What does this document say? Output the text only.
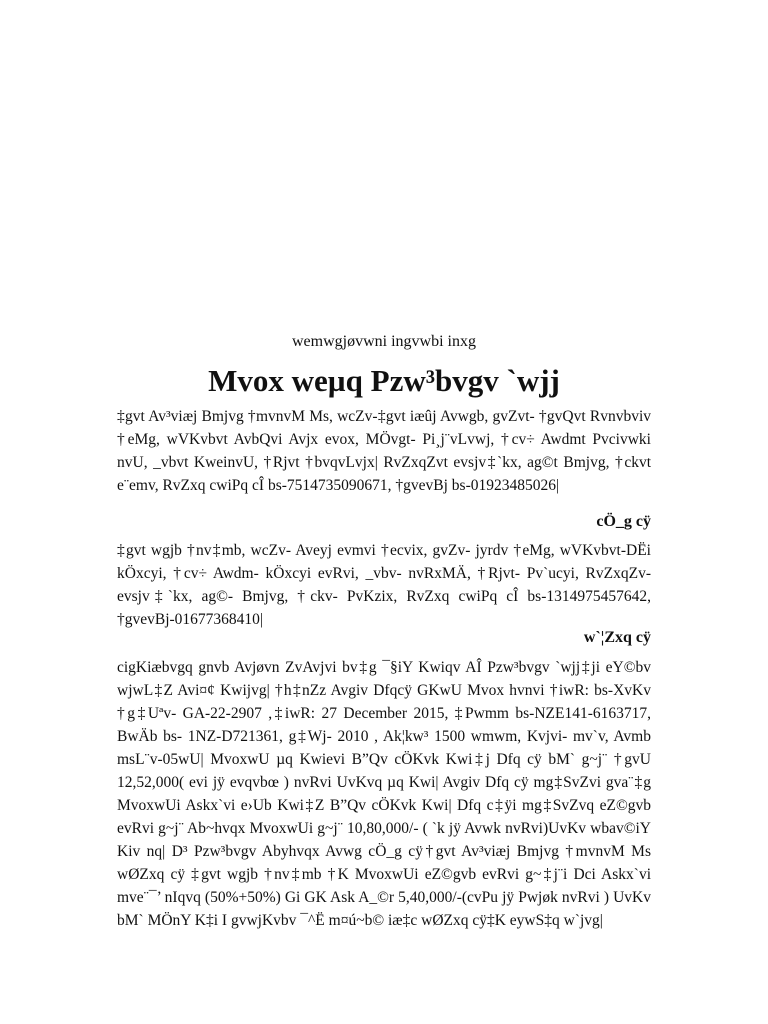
wemwgjøvwni ingvwbi inxg
Mvox weµq Pzw³bvgv `wjj

‡gvt Av³viæj Bmjvg †mvnvM Ms, wcZv-‡gvt iæûj Avwgb, gvZvt- †gvQvt Rvnvbviv †eMg, wVKvbvt AvbQvi Avjx evox, MÖvgt- Pi¸j¨vLvwj, †cv÷ Awdmt Pvcivwki nvU, _vbvt KweinvU, †Rjvt †bvqvLvjx| RvZxqZvt evsjv‡`kx, ag©t Bmjvg, †ckvt e¨emv, RvZxq cwiPq cÎ bs-7514735090671, †gvevBj bs-01923485026|

cÖ_g cÿ

‡gvt wgjb †nv‡mb, wcZv- Aveyj evmvi †ecvix, gvZv- jyrdv †eMg, wVKvbvt-DËi kÖxcyi, †cv÷ Awdm- kÖxcyi evRvi, _vbv- nvRxMÄ, †Rjvt- Pv`ucyi, RvZxqZv-evsjv‡`kx, ag©- Bmjvg, †ckv- PvKzix, RvZxq cwiPq cÎ bs-1314975457642, †gvevBj-01677368410|

w`¦Zxq cÿ

cigKiæbvgq gnvb Avjøvn ZvAvjvi bv‡g ¯§iY Kwiqv AÎ Pzw³bvgv `wjj‡ji eY©bv wjwL‡Z Avi¤¢ Kwijvg| †h‡nZz Avgiv Dfqcÿ GKwU Mvox hvnvi †iwR: bs-XvKv †g‡Uªv- GA-22-2907 ,‡iwR: 27 December 2015, ‡Pwmm bs-NZE141-6163717, BwÄb bs- 1NZ-D721361, g‡Wj- 2010 , Ak¦kw³ 1500 wmwm, Kvjvi- mv`v, Avmb msL¨v-05wU| MvoxwU µq Kwievi B”Qv cÖKvk Kwi‡j Dfq cÿ bM` g~j¨ †gvU 12,52,000( evi jÿ evqvbœ ) nvRvi UvKvq µq Kwi| Avgiv Dfq cÿ mg‡SvZvi gva¨‡g MvoxwUi Askx`vi e›Ub Kwi‡Z B”Qv cÖKvk Kwi| Dfq c‡ÿi mg‡SvZvq eZ©gvb evRvi g~j¨ Ab~hvqx MvoxwUi g~j¨ 10,80,000/- ( `k jÿ Avwk nvRvi)UvKv wbav©iY Kiv nq| D³ Pzw³bvgv Abyhvqx Avwg cÖ_g cÿ†gvt Av³viæj Bmjvg †mvnvM Ms wØZxq cÿ ‡gvt wgjb †nv‡mb †K MvoxwUi eZ©gvb evRvi g~‡j¨i Dci Askx`vi mve¨¯’ nIqvq (50%+50%) Gi GK Ask A_©r 5,40,000/-(cvPu jÿ Pwjøk nvRvi ) UvKv bM` MÖnY K‡i I gvwjKvbv ¯^Ë m¤ú~b© iæ‡c wØZxq cÿ‡K eywS‡q w`jvg|
